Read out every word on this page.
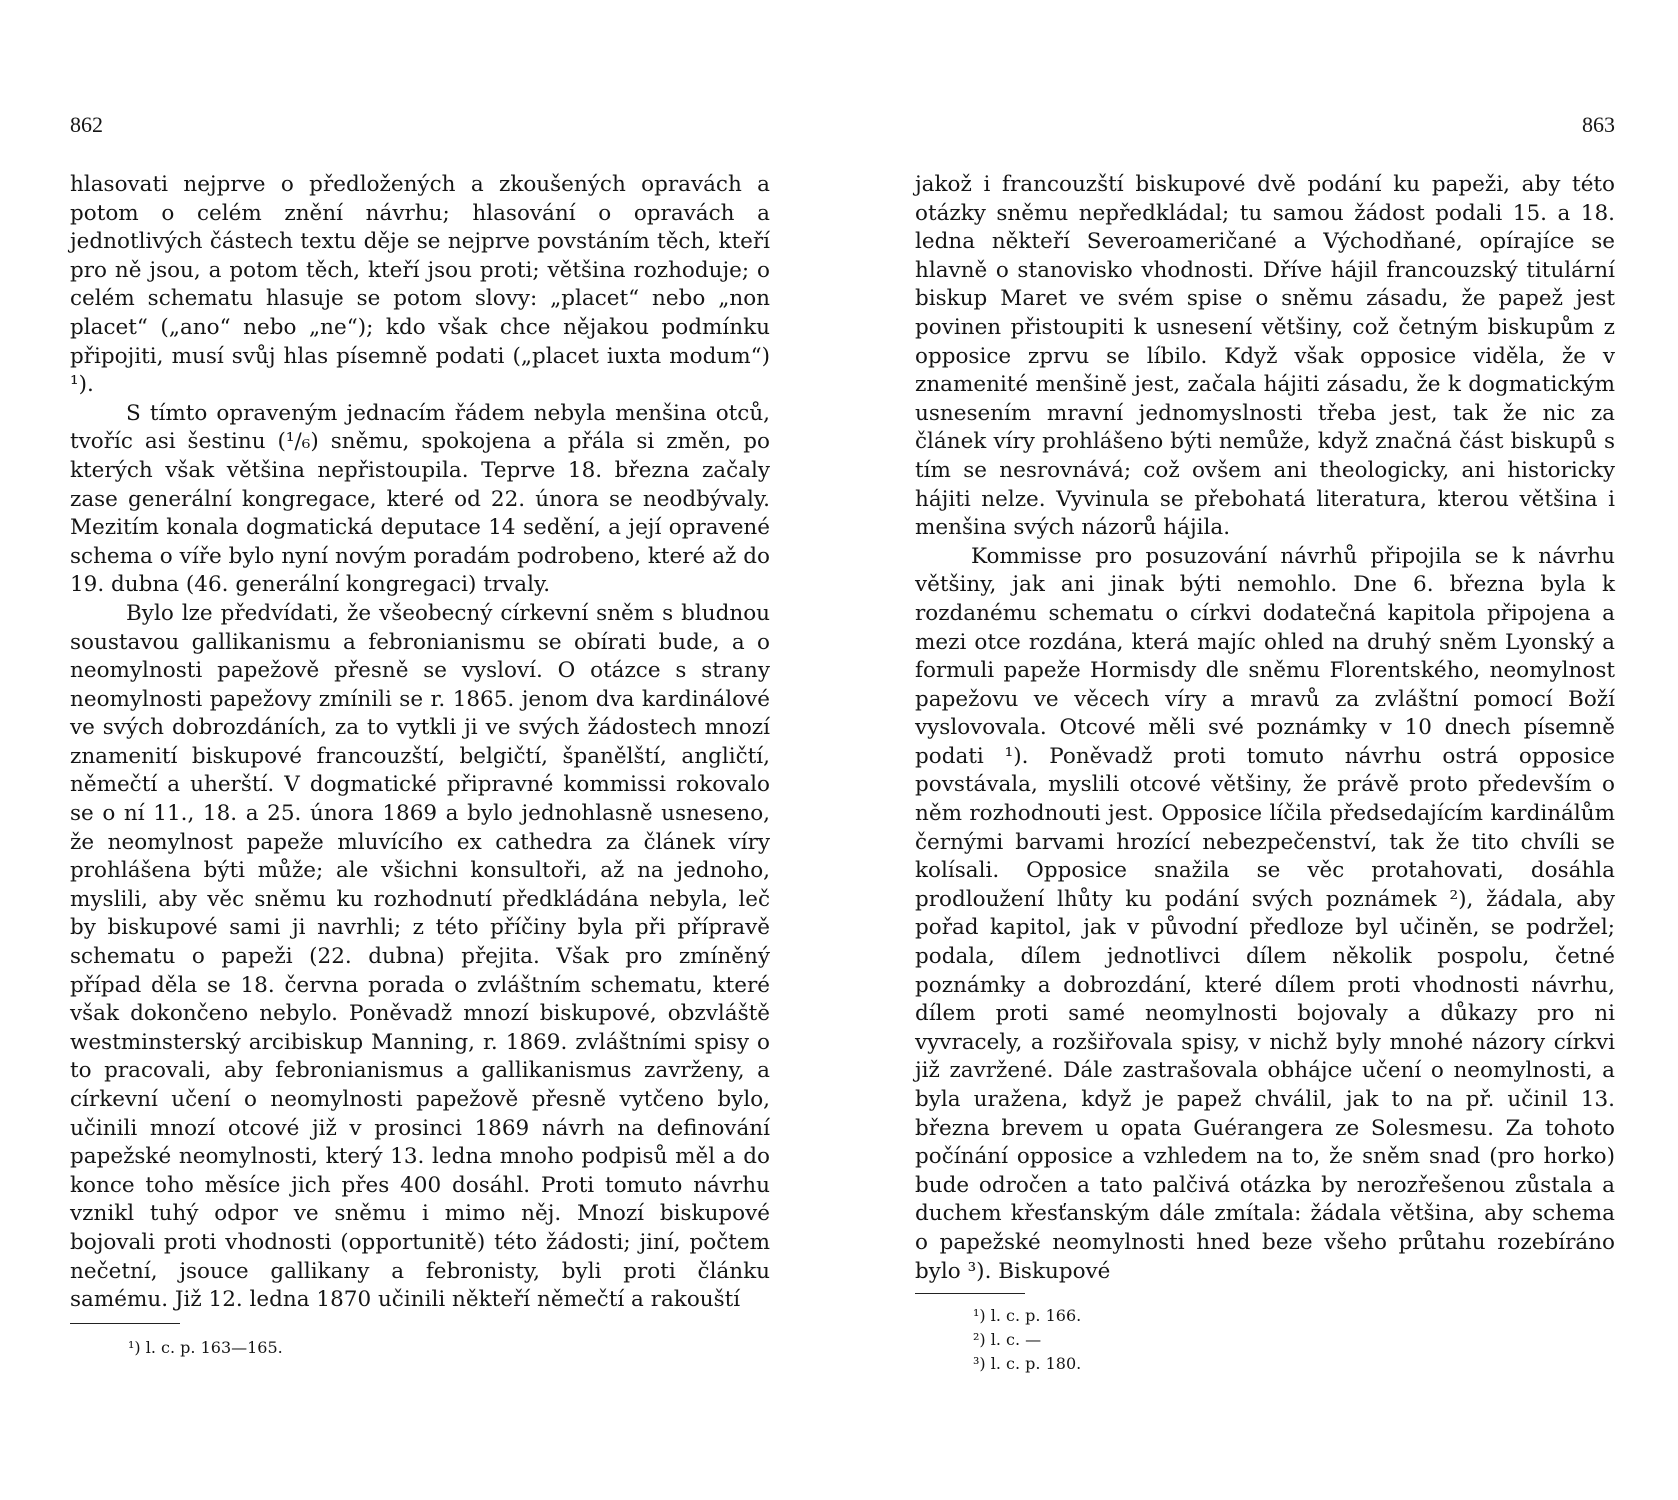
862

hlasovati nejprve o předložených a zkoušených opravách a potom o celém znění návrhu; hlasování o opravách a jednotlivých částech textu děje se nejprve povstáním těch, kteří pro ně jsou, a potom těch, kteří jsou proti; většina rozhoduje; o celém schematu hlasuje se potom slovy: „placet“ nebo „non placet“ („ano“ nebo „ne“); kdo však chce nějakou podmínku připojiti, musí svůj hlas písemně podati („placet iuxta modum“) ¹).

S tímto opraveným jednacím řádem nebyla menšina otců, tvoříc asi šestinu (¹/₆) sněmu, spokojena a přála si změn, po kterých však většina nepřistoupila. Teprve 18. března začaly zase generální kongregace, které od 22. února se neodbývaly. Mezitím konala dogmatická deputace 14 sedění, a její opravené schema o víře bylo nyní novým poradám podrobeno, které až do 19. dubna (46. generální kongregaci) trvaly.

Bylo lze předvídati, že všeobecný církevní sněm s bludnou soustavou gallikanismu a febronianismu se obírati bude, a o neomylnosti papežově přesně se vysloví. O otázce s strany neomylnosti papežovy zmínili se r. 1865. jenom dva kardinálové ve svých dobrozdáních, za to vytkli ji ve svých žádostech mnozí znamenití biskupové francouzští, belgičtí, španělští, angličtí, němečtí a uherští. V dogmatické připravné kommissi rokovalo se o ní 11., 18. a 25. února 1869 a bylo jednohlasně usneseno, že neomylnost papeže mluvícího ex cathedra za článek víry prohlášena býti může; ale všichni konsultoři, až na jednoho, myslili, aby věc sněmu ku rozhodnutí předkládána nebyla, leč by biskupové sami ji navrhli; z této příčiny byla při přípravě schematu o papeži (22. dubna) přejita. Však pro zmíněný případ děla se 18. června porada o zvláštním schematu, které však dokončeno nebylo. Poněvadž mnozí biskupové, obzvláště westminsterský arcibiskup Manning, r. 1869. zvláštními spisy o to pracovali, aby febronianismus a gallikanismus zavrženy, a církevní učení o neomylnosti papežově přesně vytčeno bylo, učinili mnozí otcové již v prosinci 1869 návrh na definování papežské neomylnosti, který 13. ledna mnoho podpisů měl a do konce toho měsíce jich přes 400 dosáhl. Proti tomuto návrhu vznikl tuhý odpor ve sněmu i mimo něj. Mnozí biskupové bojovali proti vhodnosti (opportunitě) této žádosti; jiní, počtem nečetní, jsouce gallikany a febronisty, byli proti článku samému. Již 12. ledna 1870 učinili někteří němečtí a rakouští

¹) l. c. p. 163—165.

863

jakož i francouzští biskupové dvě podání ku papeži, aby této otázky sněmu nepředkládal; tu samou žádost podali 15. a 18. ledna někteří Severoameričané a Východňané, opírajíce se hlavně o stanovisko vhodnosti. Dříve hájil francouzský titulární biskup Maret ve svém spise o sněmu zásadu, že papež jest povinen přistoupiti k usnesení většiny, což četným biskupům z opposice zprvu se líbilo. Když však opposice viděla, že v znamenité menšině jest, začala hájiti zásadu, že k dogmatickým usnesením mravní jednomyslnosti třeba jest, tak že nic za článek víry prohlášeno býti nemůže, když značná část biskupů s tím se nesrovnává; což ovšem ani theologicky, ani historicky hájiti nelze. Vyvinula se přebohatá literatura, kterou většina i menšina svých názorů hájila.

Kommisse pro posuzování návrhů připojila se k návrhu většiny, jak ani jinak býti nemohlo. Dne 6. března byla k rozdanému schematu o církvi dodatečná kapitola připojena a mezi otce rozdána, která majíc ohled na druhý sněm Lyonský a formuli papeže Hormisdy dle sněmu Florentského, neomylnost papežovu ve věcech víry a mravů za zvláštní pomocí Boží vyslovovala. Otcové měli své poznámky v 10 dnech písemně podati ¹). Poněvadž proti tomuto návrhu ostrá opposice povstávala, myslili otcové většiny, že právě proto především o něm rozhodnouti jest. Opposice líčila předsedajícím kardinálům černými barvami hrozící nebezpečenství, tak že tito chvíli se kolísali. Opposice snažila se věc protahovati, dosáhla prodloužení lhůty ku podání svých poznámek ²), žádala, aby pořad kapitol, jak v původní předloze byl učiněn, se podržel; podala, dílem jednotlivci dílem několik pospolu, četné poznámky a dobrozdání, které dílem proti vhodnosti návrhu, dílem proti samé neomylnosti bojovaly a důkazy pro ni vyvracely, a rozšiřovala spisy, v nichž byly mnohé názory církvi již zavržené. Dále zastrašovala obhájce učení o neomylnosti, a byla uražena, když je papež chválil, jak to na př. učinil 13. března brevem u opata Guérangera ze Solesmesu. Za tohoto počínání opposice a vzhledem na to, že sněm snad (pro horko) bude odročen a tato palčivá otázka by nerozřešenou zůstala a duchem křesťanským dále zmítala: žádala většina, aby schema o papežské neomylnosti hned beze všeho průtahu rozebíráno bylo ³). Biskupové

¹) l. c. p. 166.

²) l. c. —

³) l. c. p. 180.
